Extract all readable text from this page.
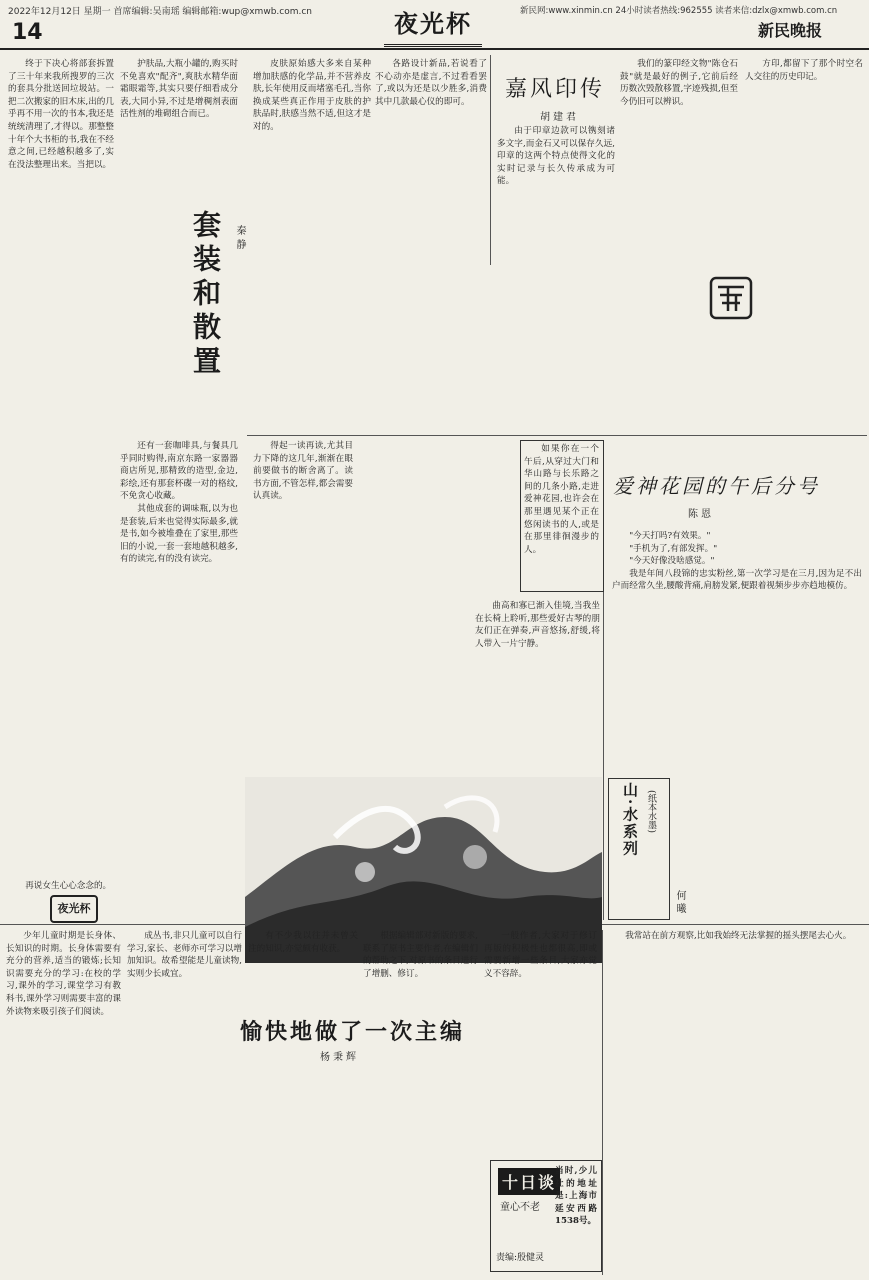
2022年12月12日 星期一 首席编辑:吴南瑶 编辑邮箱:wup@xmwb.com.cn	新民网:www.xinmin.cn 24小时读者热线:962555 读者来信:dzlx@xmwb.com.cn
14	夜光杯	新民晚报
套装和散置	秦静

终于下决心将部套拆置了三十年来我所搜罗的三次的套具分批送回垃圾站。一把二次搬家的旧木床,出的几乎再不用一次的书本,我还是统统清理了,才得以。那整整十年个大书柜的书,我在不经意之间,已经越积越多了,实在没法整理出来。当把以。

护肤品,大瓶小罐的,购买时不免喜欢"配齐",爽肤水精华面霜眼霜等,其实只要仔细看成分表,大同小异,不过是增稠剂表面活性剂的堆砌组合而已。

皮肤原始感大多来自某种增加肤感的化学品,并不营养皮肤,长年使用反而堵塞毛孔,当你换成某些真正作用于皮肤的护肤品时,肤感当然不适,但这才是对的。

各路设计新品,若说看了不心动亦是虚言,不过看看罢了,或以为还是以少胜多,消费其中几款最心仪的即可。

还有一套咖啡具,与餐具几乎同时购得,南京东路一家器器商店所见,那精致的造型,金边,彩绘,还有那套杯碟一对的格纹,不免贪心收藏。

其他成套的调味瓶,以为也是套装,后来也觉得实际最多,就是书,如今被堆叠在了家里,那些旧的小说,一套一套地越积越多,有的读完,有的没有读完。

得起一读再读,尤其目力下降的这几年,渐渐在眼前要做书的断舍离了。读书方面,不管怎样,都会需要认真读。

再说女生心心念念的。

夜光杯
嘉风印传
胡建君

由于印章边款可以镌刻诸多文字,而金石又可以保存久远,印章的这两个特点使得文化的实时记录与长久传承成为可能。

我们的篆印经文物"陈仓石鼓"就是最好的例子,它前后经历数次毁散移置,字迹残损,但至今仍旧可以辨识。

方印,都留下了那个时空名人交往的历史印记。

如果你在一个午后,从穿过大门和华山路与长乐路之间的几条小路,走进爱神花园,也许会在那里遇见某个正在悠闲读书的人,或是在那里徘徊漫步的人。

爱神花园的午后分号
陈恩

曲高和寡已渐入佳境,当我坐在长椅上聆听,那些爱好古琴的朋友们正在弹奏,声音悠扬,舒缓,将人带入一片宁静。

"今天打吗?有效果。"

"手机为了,有部发挥。"

"今天好像没啥感觉。"

我是年间八段锦的忠实粉丝,第一次学习是在三月,因为足不出户而经常久坐,腰酸背痛,肩膀发紧,便跟着视频步步亦趋地模仿。

山·水系列 (纸本水墨)
何曦
愉快地做了一次主编
杨秉辉

少年儿童时期是长身体、长知识的时期。长身体需要有充分的营养,适当的锻炼;长知识需要充分的学习:在校的学习,课外的学习,课堂学习有教科书,课外学习则需要丰富的课外读物来吸引孩子们阅读。

成丛书,非只儿童可以自行学习,家长、老师亦可学习以增加知识。故希望能是儿童读物,实则少长咸宜。

有不少我以往并未曾关注的知识,亦觉颇有收获。

根据编辑部对新版的要求,联系了原书主要作者,在编辑们的帮助之下,对原书的条目进行了增删、修订。

一般作者,大家对于修订再版的积极性也都很高,即或需要新增一些条目,大家亦觉义不容辞。

我常站在前方观察,比如我始终无法掌握的摇头摆尾去心火。

十日谈
童心不老
责编:殷健灵

当时,少儿社的地址是:上海市延安西路1538号。
